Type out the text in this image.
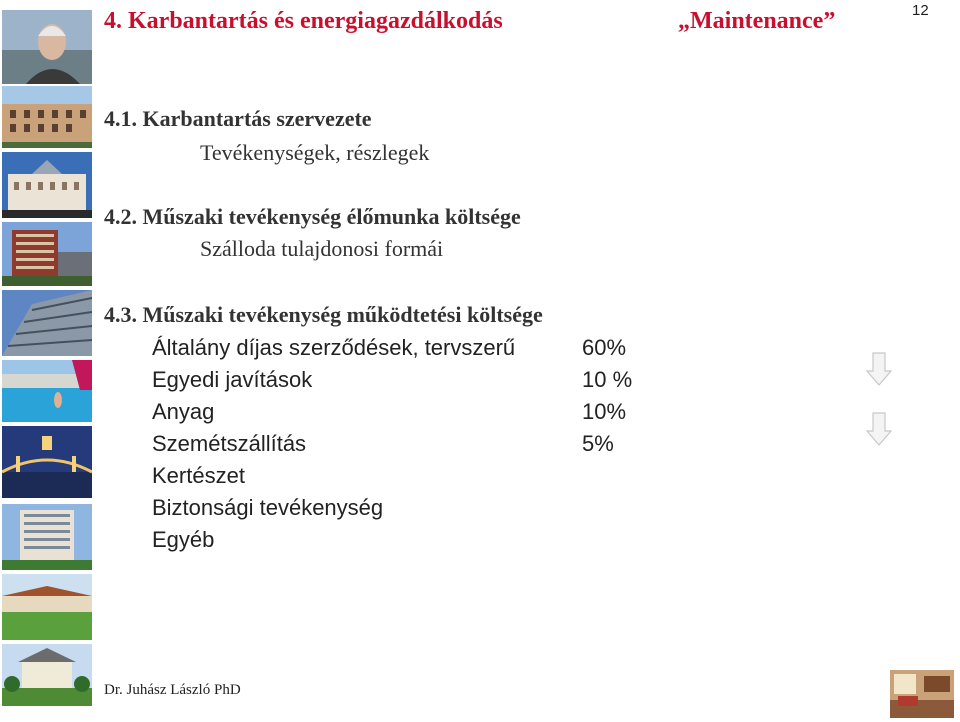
4. Karbantartás és energiagazdálkodás	„Maintenance”	12
4.1. Karbantartás szervezete
Tevékenységek, részlegek
4.2. Műszaki tevékenység élőmunka költsége
Szálloda tulajdonosi formái
4.3. Műszaki tevékenység működtetési költsége
Általány díjas szerződések, tervszerű	60%
Egyedi javítások	10 %
Anyag	10%
Szemétszállítás	5%
Kertészet
Biztonsági tevékenység
Egyéb
Dr. Juhász László PhD
